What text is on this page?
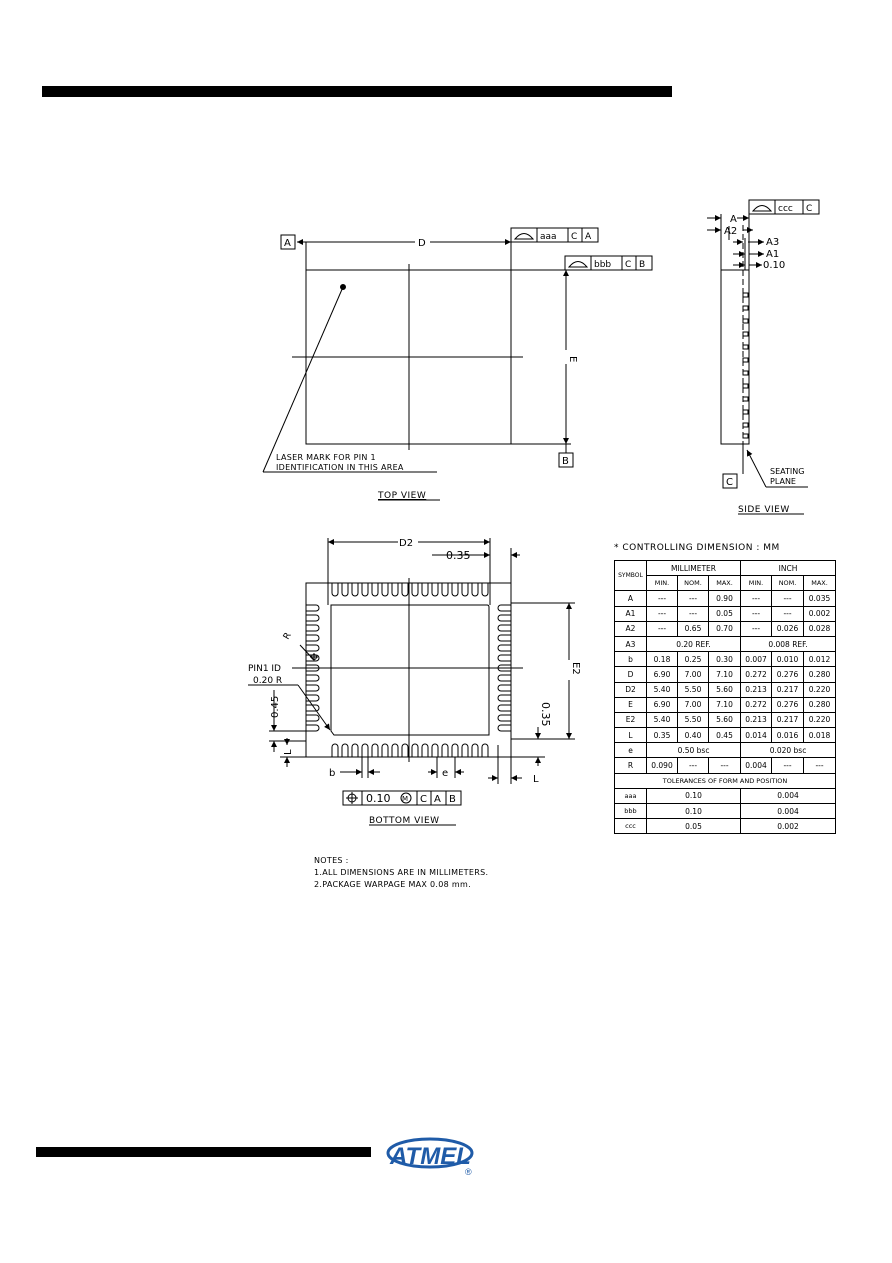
D
A
aaa C A
bbb C B
E
B
LASER MARK FOR PIN 1
IDENTIFICATION IN THIS AREA
TOP VIEW
ccc C
A
A2
A3
A1
0.10
C
SEATING
PLANE
SIDE VIEW
D2
0.35
E2
0.35
PIN1 ID
0.20 R
R
0.45
L
b	e
L
0.10 M C A B
BOTTOM VIEW
* CONTROLLING DIMENSION : MM
SYMBOL	MILLIMETER			INCH		
	MIN.	NOM.	MAX.	MIN.	NOM.	MAX.
A	---	---	0.90	---	---	0.035
A1	---	---	0.05	---	---	0.002
A2	---	0.65	0.70	---	0.026	0.028
A3	0.20 REF.			0.008 REF.		
b	0.18	0.25	0.30	0.007	0.010	0.012
D	6.90	7.00	7.10	0.272	0.276	0.280
D2	5.40	5.50	5.60	0.213	0.217	0.220
E	6.90	7.00	7.10	0.272	0.276	0.280
E2	5.40	5.50	5.60	0.213	0.217	0.220
L	0.35	0.40	0.45	0.014	0.016	0.018
e	0.50 bsc			0.020 bsc		
R	0.090	---	---	0.004	---	---
TOLERANCES OF FORM AND POSITION						
aaa	0.10			0.004		
bbb	0.10			0.004		
ccc	0.05			0.002		
NOTES :
1.ALL DIMENSIONS ARE IN MILLIMETERS.
2.PACKAGE WARPAGE MAX 0.08 mm.
ATMEL
®
